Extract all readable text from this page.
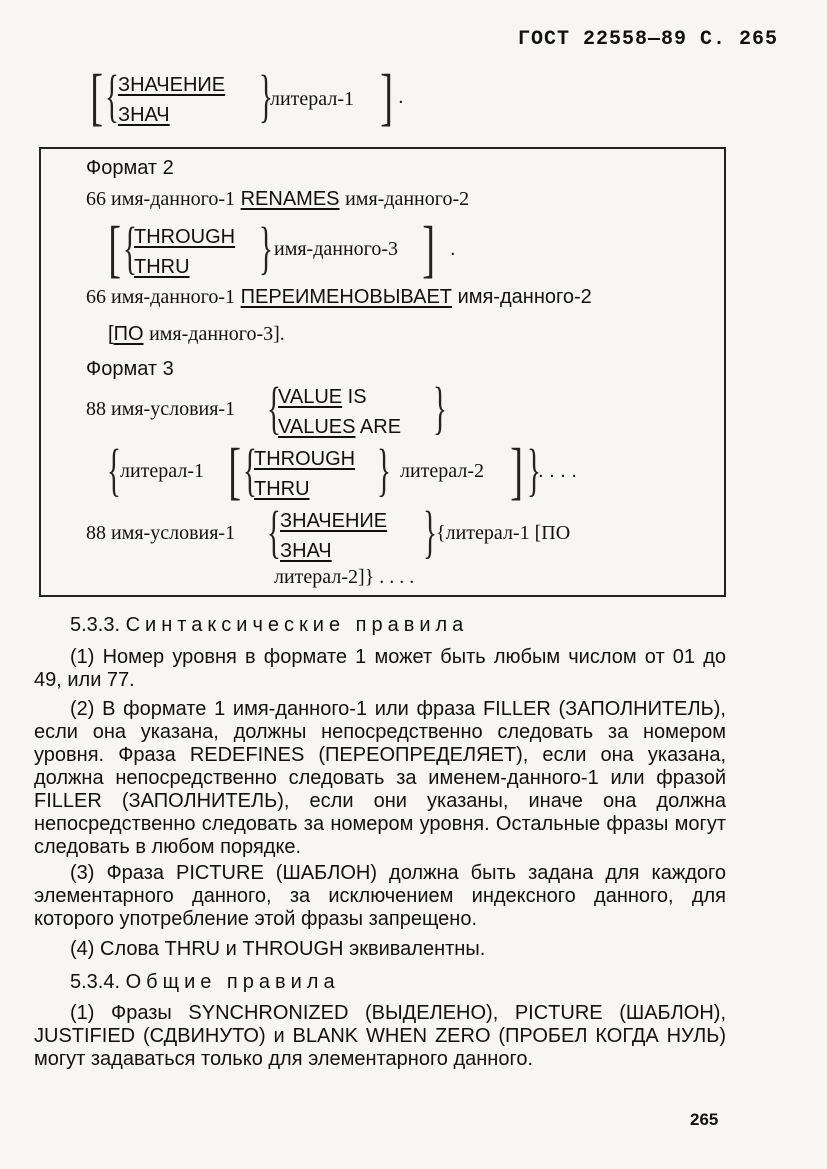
ГОСТ 22558—89 С. 265
[ { ЗНАЧЕНИЕ
ЗНАЧ	}
литерал-1 ] .
Формат 2
66 имя-данного-1 RENAMES имя-данного-2
[ {
THROUGH
THRU	} имя-данного-3 ] .
66 имя-данного-1 ПЕРЕИМЕНОВЫВАЕТ имя-данного-2
[ПО имя-данного-3].
Формат 3
88 имя-условия-1 {
VALUE IS
VALUES ARE }
{ литерал-1 [ {
THROUGH
THRU	} литерал-2 ] }
. . . .
88 имя-условия-1 { ЗНАЧЕНИЕ
ЗНАЧ	} {литерал-1 [ПО
литерал-2]} . . . .
5.3.3. Синтаксические правила
(1) Номер уровня в формате 1 может быть любым числом от 01 до 49, или 77.
(2) В формате 1 имя-данного-1 или фраза FILLER (ЗАПОЛНИТЕЛЬ), если она указана, должны непосредственно следовать за номером уровня. Фраза REDEFINES (ПЕРЕОПРЕДЕЛЯЕТ), если она указана, должна непосредственно следовать за именем-данного-1 или фразой FILLER (ЗАПОЛНИТЕЛЬ), если они указаны, иначе она должна непосредственно следовать за номером уровня. Остальные фразы могут следовать в любом порядке.
(3) Фраза PICTURE (ШАБЛОН) должна быть задана для каждого элементарного данного, за исключением индексного данного, для которого употребление этой фразы запрещено.
(4) Слова THRU и THROUGH эквивалентны.
5.3.4. Общие правила
(1) Фразы SYNCHRONIZED (ВЫДЕЛЕНО), PICTURE (ШАБЛОН), JUSTIFIED (СДВИНУТО) и BLANK WHEN ZERO (ПРОБЕЛ КОГДА НУЛЬ) могут задаваться только для элементарного данного.
265
